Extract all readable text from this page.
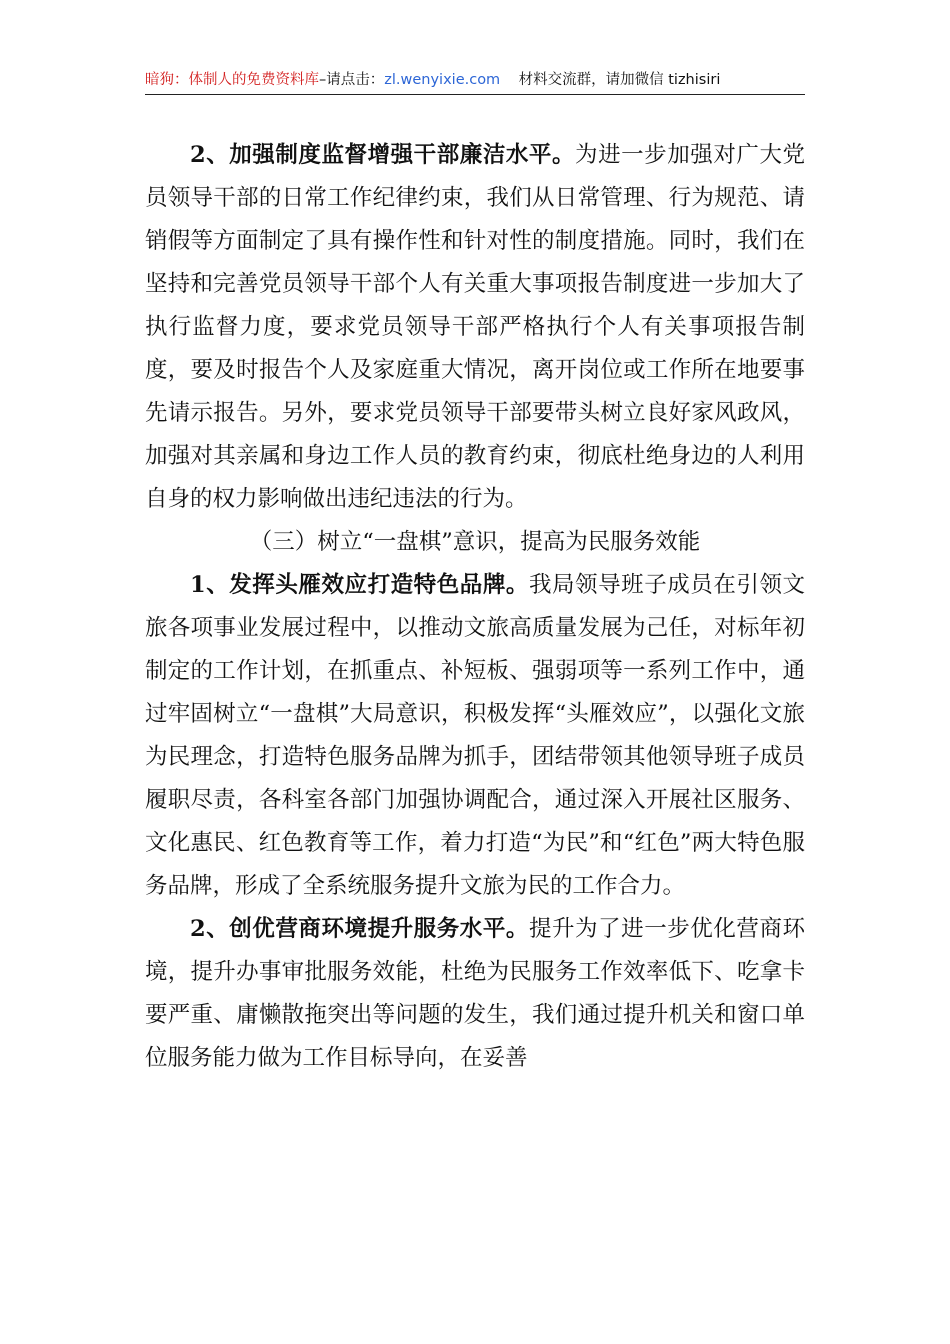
暗狗：体制人的免费资料库–请点击：zl.wenyixie.com 材料交流群，请加微信 tizhisiri

2、加强制度监督增强干部廉洁水平。为进一步加强对广大党员领导干部的日常工作纪律约束，我们从日常管理、行为规范、请销假等方面制定了具有操作性和针对性的制度措施。同时，我们在坚持和完善党员领导干部个人有关重大事项报告制度进一步加大了执行监督力度，要求党员领导干部严格执行个人有关事项报告制度，要及时报告个人及家庭重大情况，离开岗位或工作所在地要事先请示报告。另外，要求党员领导干部要带头树立良好家风政风，加强对其亲属和身边工作人员的教育约束，彻底杜绝身边的人利用自身的权力影响做出违纪违法的行为。

（三）树立“一盘棋”意识，提高为民服务效能

1、发挥头雁效应打造特色品牌。我局领导班子成员在引领文旅各项事业发展过程中，以推动文旅高质量发展为己任，对标年初制定的工作计划，在抓重点、补短板、强弱项等一系列工作中，通过牢固树立“一盘棋”大局意识，积极发挥“头雁效应”，以强化文旅为民理念，打造特色服务品牌为抓手，团结带领其他领导班子成员履职尽责，各科室各部门加强协调配合，通过深入开展社区服务、文化惠民、红色教育等工作，着力打造“为民”和“红色”两大特色服务品牌，形成了全系统服务提升文旅为民的工作合力。

2、创优营商环境提升服务水平。提升为了进一步优化营商环境，提升办事审批服务效能，杜绝为民服务工作效率低下、吃拿卡要严重、庸懒散拖突出等问题的发生，我们通过提升机关和窗口单位服务能力做为工作目标导向，在妥善
